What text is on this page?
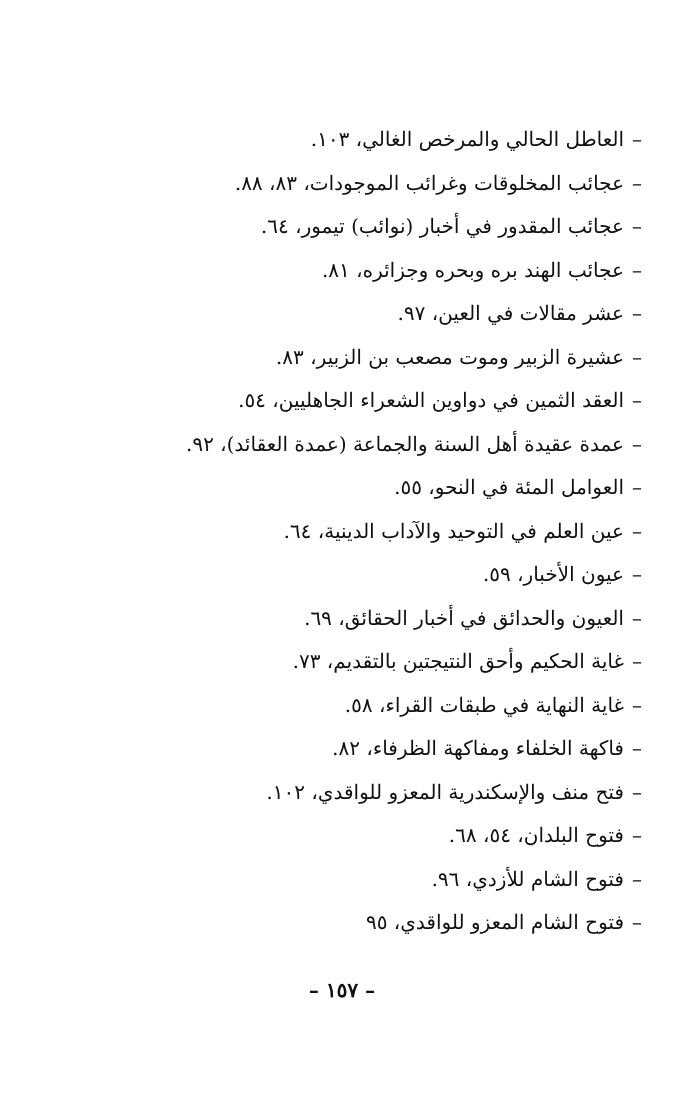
–العاطل الحالي والمرخص الغالي، ١٠٣.
–عجائب المخلوقات وغرائب الموجودات، ٨٣، ٨٨.
–عجائب المقدور في أخبار (نوائب) تيمور، ٦٤.
–عجائب الهند بره وبحره وجزائره، ٨١.
–عشر مقالات في العين، ٩٧.
–عشيرة الزبير وموت مصعب بن الزبير، ٨٣.
–العقد الثمين في دواوين الشعراء الجاهليين، ٥٤.
–عمدة عقيدة أهل السنة والجماعة (عمدة العقائد)، ٩٢.
–العوامل المئة في النحو، ٥٥.
–عين العلم في التوحيد والآداب الدينية، ٦٤.
–عيون الأخبار، ٥٩.
–العيون والحدائق في أخبار الحقائق، ٦٩.
–غاية الحكيم وأحق النتيجتين بالتقديم، ٧٣.
–غاية النهاية في طبقات القراء، ٥٨.
–فاكهة الخلفاء ومفاكهة الظرفاء، ٨٢.
–فتح منف والإسكندرية المعزو للواقدي، ١٠٢.
–فتوح البلدان، ٥٤، ٦٨.
–فتوح الشام للأزدي، ٩٦.
–فتوح الشام المعزو للواقدي، ٩٥
– ١٥٧ –
